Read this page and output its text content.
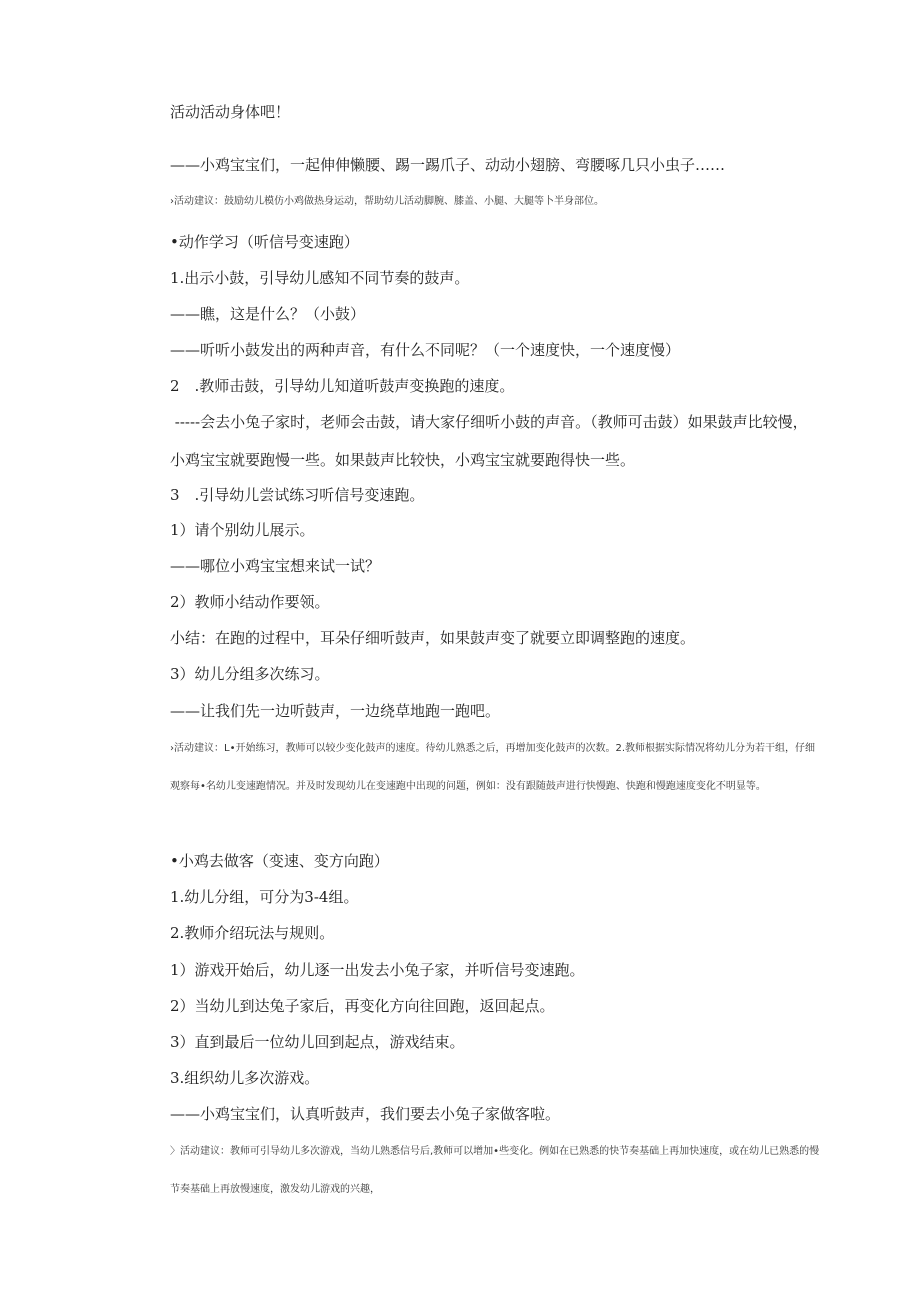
活动活动身体吧！
——小鸡宝宝们，一起伸伸懒腰、踢一踢爪子、动动小翅膀、弯腰啄几只小虫子……
›活动建议：鼓励幼儿模仿小鸡做热身运动，帮助幼儿活动脚腕、膝盖、小腿、大腿等卜半身部位。
•动作学习（听信号变速跑）
1.出示小鼓，引导幼儿感知不同节奏的鼓声。
——瞧，这是什么？（小鼓）
——听听小鼓发出的两种声音，有什么不同呢？（一个速度快，一个速度慢）
2　.教师击鼓，引导幼儿知道听鼓声变换跑的速度。
-----会去小兔子家时，老师会击鼓，请大家仔细听小鼓的声音。（教师可击鼓）如果鼓声比较慢，小鸡宝宝就要跑慢一些。如果鼓声比较快，小鸡宝宝就要跑得快一些。
3　.引导幼儿尝试练习听信号变速跑。
1）请个别幼儿展示。
——哪位小鸡宝宝想来试一试？
2）教师小结动作要领。
小结：在跑的过程中，耳朵仔细听鼓声，如果鼓声变了就要立即调整跑的速度。
3）幼儿分组多次练习。
——让我们先一边听鼓声，一边绕草地跑一跑吧。
›活动建议：L•开始练习，教师可以较少变化鼓声的速度。待幼儿熟悉之后，再增加变化鼓声的次数。2.教师根据实际情况将幼儿分为若干组，仔细观察每•名幼儿变速跑情况。并及时发现幼儿在变速跑中出现的问题，例如：没有跟随鼓声进行快慢跑、快跑和慢跑速度变化不明显等。
•小鸡去做客（变速、变方向跑）
1.幼儿分组，可分为3-4组。
2.教师介绍玩法与规则。
1）游戏开始后，幼儿逐一出发去小兔子家，并听信号变速跑。
2）当幼儿到达兔子家后，再变化方向往回跑，返回起点。
3）直到最后一位幼儿回到起点，游戏结束。
3.组织幼儿多次游戏。
——小鸡宝宝们，认真听鼓声，我们要去小兔子家做客啦。
〉活动建议：教师可引导幼儿多次游戏，当幼儿熟悉信号后,教师可以增加•些变化。例如在已熟悉的快节奏基础上再加快速度，或在幼儿已熟悉的慢节奏基础上再放慢速度，激发幼儿游戏的兴趣，
